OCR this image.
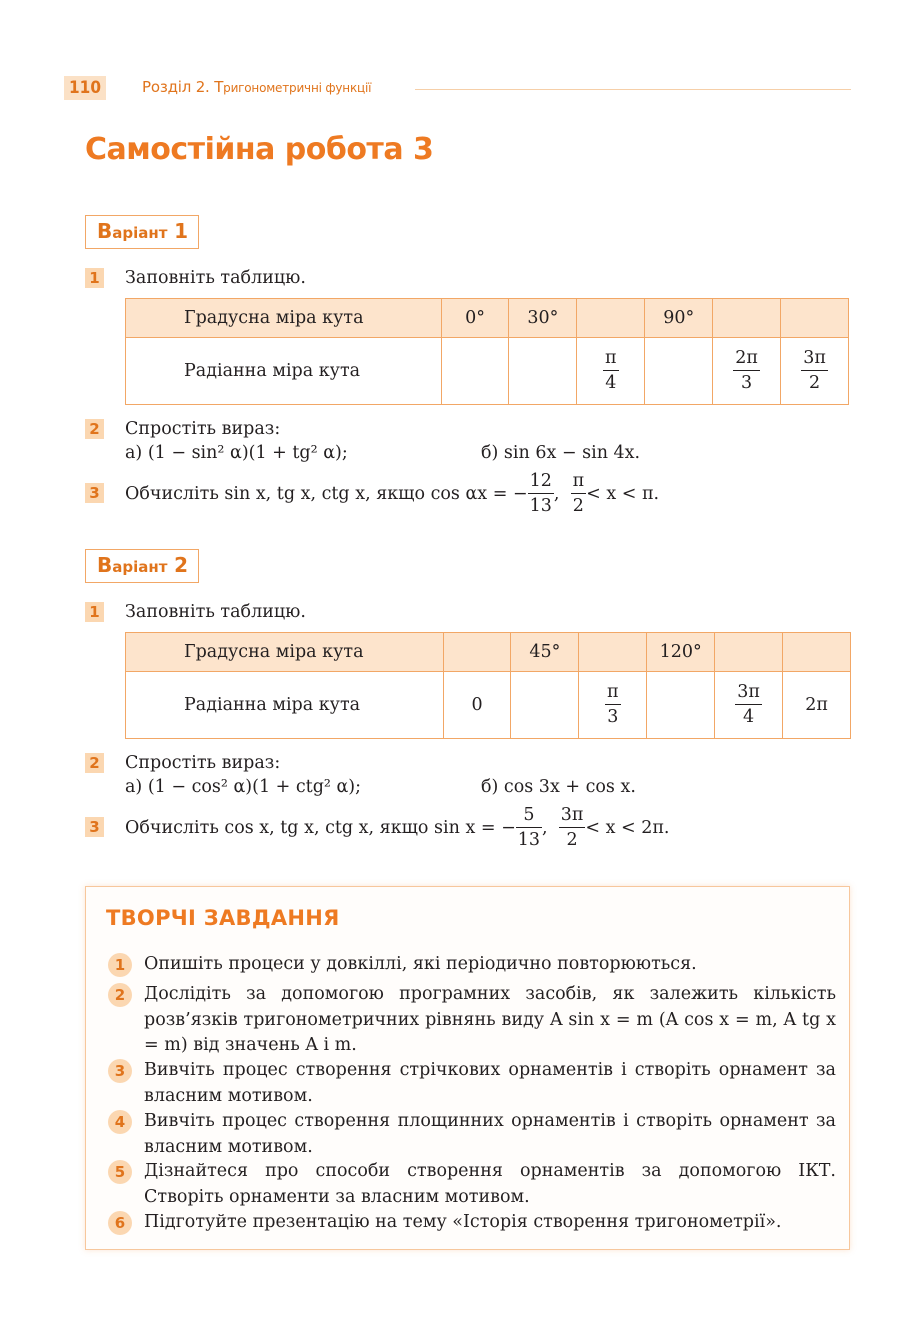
110	Розділ 2. Тригонометричні функції
Самостійна робота 3
Варіант 1
1 Заповніть таблицю.
Градусна міра кута	0°	30°		90°		
Радіанна міра кута			$\frac{\pi}{4}$		$\frac{2\pi}{3}$	$\frac{3\pi}{2}$
2 Спростіть вираз:
а) (1 − sin² α)(1 + tg² α);	б) sin 6x − sin 4x.
3 Обчисліть sin x, tg x, ctg x, якщо
cos αx = − $\frac{12}{13}$ , $\frac{\pi}{2} < x < \pi$.
Варіант 2
1 Заповніть таблицю.
Градусна міра кута		45°		120°		
Радіанна міра кута	0		$\frac{\pi}{3}$		$\frac{3\pi}{4}$	2π
2 Спростіть вираз:
а) (1 − cos² α)(1 + ctg² α);	б) cos 3x + cos x.
3 Обчисліть cos x, tg x, ctg x, якщо
sin x = − $\frac{5}{13}$ , $\frac{3\pi}{2} < x < 2\pi$.
ТВОРЧІ ЗАВДАННЯ
1	Опишіть процеси у довкіллі, які періодично повторюються.
2	Дослідіть за допомогою програмних засобів, як залежить кількість розв’язків тригонометричних рівнянь виду A sin x = m (A cos x = m, A tg x = m) від значень A і m.
3	Вивчіть процес створення стрічкових орнаментів і створіть орнамент за власним мотивом.
4	Вивчіть процес створення площинних орнаментів і створіть орнамент за власним мотивом.
5	Дізнайтеся про способи створення орнаментів за допомогою ІКТ. Створіть орнаменти за власним мотивом.
6	Підготуйте презентацію на тему «Історія створення тригонометрії».
